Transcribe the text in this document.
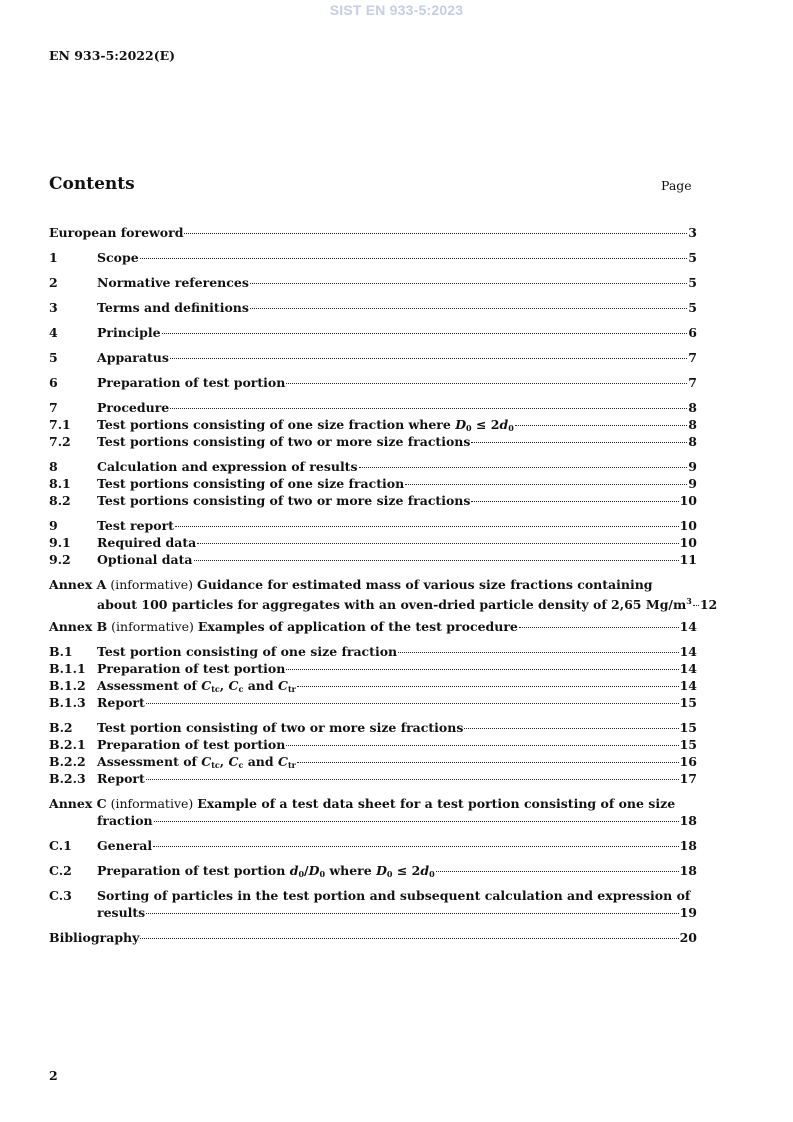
SIST EN 933-5:2023
EN 933-5:2022(E)
Contents	Page
European foreword	3
1	Scope	5
2	Normative references	5
3	Terms and definitions	5
4	Principle	6
5	Apparatus	7
6	Preparation of test portion	7
7	Procedure	8
7.1	Test portions consisting of one size fraction where $D_0 \le 2d_0$	8
7.2	Test portions consisting of two or more size fractions	8
8	Calculation and expression of results	9
8.1	Test portions consisting of one size fraction	9
8.2	Test portions consisting of two or more size fractions	10
9	Test report	10
9.1	Required data	10
9.2	Optional data	11
Annex A (informative) Guidance for estimated mass of various size fractions containing
about 100 particles for aggregates with an oven-dried particle density of 2,65 $Mg/m^3$ 12
Annex B (informative) Examples of application of the test procedure	14
B.1	Test portion consisting of one size fraction	14
B.1.1 Preparation of test portion	14
B.1.2 Assessment of $C_{tc}$, $C_c$ and $C_{tr}$	14
B.1.3 Report	15
B.2	Test portion consisting of two or more size fractions	15
B.2.1 Preparation of test portion	15
B.2.2 Assessment of $C_{tc}$, $C_c$ and $C_{tr}$	16
B.2.3 Report	17
Annex C (informative) Example of a test data sheet for a test portion consisting of one size
fraction	18
C.1	General	18
C.2	Preparation of test portion $d_0/D_0$ where $D_0 \le 2d_0$	18
C.3	Sorting of particles in the test portion and subsequent calculation and expression of
results	19
Bibliography	20
2
